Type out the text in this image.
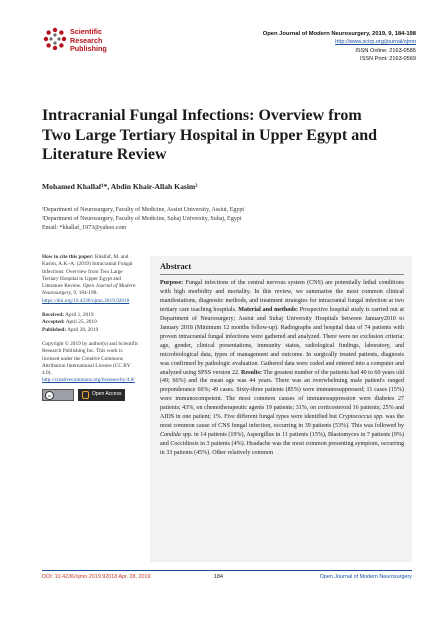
Scientific
Research
Publishing
Open Journal of Modern Neurosurgery, 2019, 9, 184-198
http://www.scirp.org/journal/ojmn
ISSN Online: 2163-0585
ISSN Print: 2163-0569
Intracranial Fungal Infections: Overview from Two Large Tertiary Hospital in Upper Egypt and Literature Review
Mohamed Khallaf¹*, Abdin Khair-Allah Kasim²
¹Department of Neurosurgery, Faculty of Medicine, Assiut University, Assiut, Egypt
²Department of Neurosurgery, Faculty of Medicine, Suhaj University, Suhaj, Egypt
Email: *khallaf_1973@yahoo.com

How to cite this paper: Khallaf, M. and Kasim, A.K.-A. (2019) Intracranial Fungal Infections: Overview from Two Large Tertiary Hospital in Upper Egypt and Literature Review. Open Journal of Modern Neurosurgery, 9, 184-198. https://doi.org/10.4236/ojmn.2019.92018

Received: April 1, 2019
Accepted: April 25, 2019
Published: April 28, 2019

Copyright © 2019 by author(s) and Scientific Research Publishing Inc. This work is licensed under the Creative Commons Attribution International License (CC BY 4.0).
http://creativecommons.org/licenses/by/4.0/

cc	Open Access
Abstract
Purpose: Fungal infections of the central nervous system (CNS) are potentially lethal conditions with high morbidity and mortality. In this review, we summarise the most common clinical manifestations, diagnostic methods, and treatment strategies for intracranial fungal infection at two tertiary care teaching hospitals. Material and methods: Prospective hospital study is carried out at Department of Neurosurgery; Assiut and Suhaj University Hospitals between January2010 to January 2018 (Minimum 12 months follow-up). Radiographs and hospital data of 74 patients with proven intracranial fungal infections were gathered and analyzed. There were no exclusion criteria: age, gender, clinical presentations, immunity status, radiological findings, laboratory, and microbiological data, types of management and outcome. In surgically treated patients, diagnosis was confirmed by pathologic evaluation. Gathered data were coded and entered into a computer and analyzed using SPSS version 22. Results: The greatest number of the patients had 40 to 60 years old (49; 66%) and the mean age was 44 years. There was an overwhelming male patient's ranged preponderance 66%; 49 cases. Sixty-three patients (85%) were immunosuppressed; 11 cases (15%) were immunocompetent. The most common causes of immunosuppression were diabetes 27 patients; 43%, on chemotherapeutic agents 19 patients; 31%, on corticosteroid 16 patients; 25% and AIDS in one patient; 1%. Five different fungal types were identified but Cryptococcus spp. was the most common cause of CNS fungal infection, occurring in 39 patients (53%). This was followed by Candida spp. in 14 patients (19%), Aspergillus in 11 patients (15%), Blastomyces in 7 patients (9%) and Coccidiosis in 3 patients (4%). Headache was the most common presenting symptom, occurring in 33 patients (45%). Other relatively common
DOI: 10.4236/ojmn.2019.92018 Apr. 28, 2019	184	Open Journal of Modern Neurosurgery
